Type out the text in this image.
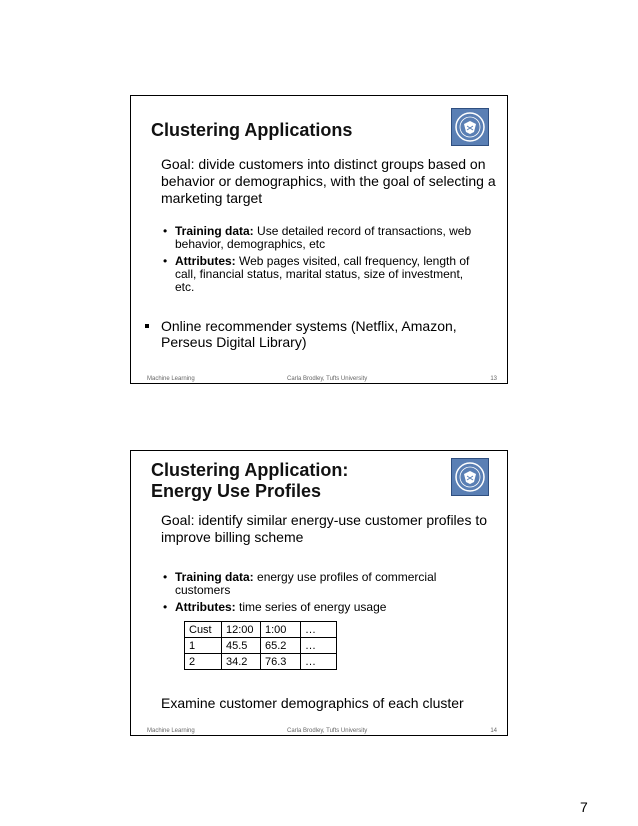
Clustering Applications
Goal: divide customers into distinct groups based on behavior or demographics, with the goal of selecting a marketing target
• Training data: Use detailed record of transactions, web behavior, demographics, etc
• Attributes: Web pages visited, call frequency, length of call, financial status, marital status, size of investment, etc.
Online recommender systems (Netflix, Amazon, Perseus Digital Library)
Machine Learning	Carla Brodley, Tufts University	13
Clustering Application:
Energy Use Profiles
Goal: identify similar energy-use customer profiles to improve billing scheme
• Training data: energy use profiles of commercial customers
• Attributes: time series of energy usage
Cust	12:00	1:00	…
1	45.5	65.2	…
2	34.2	76.3	…
Examine customer demographics of each cluster
Machine Learning	Carla Brodley, Tufts University	14
7
